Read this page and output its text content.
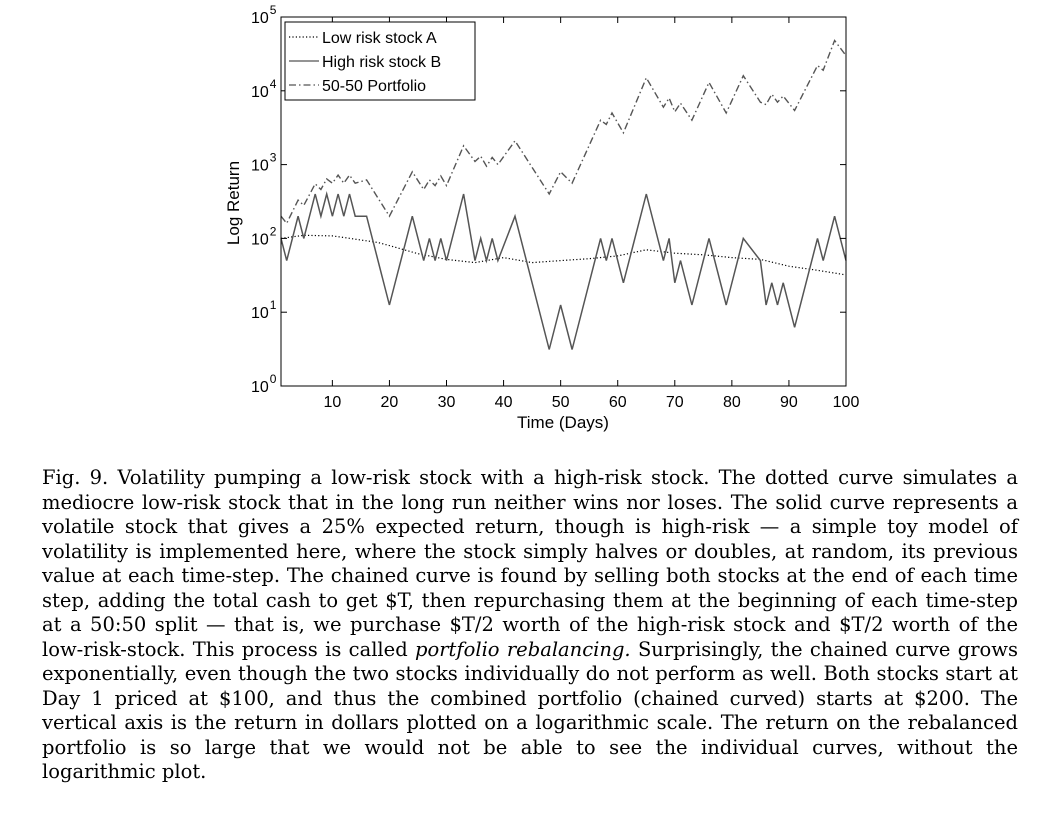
Log Return
Time (Days)
10 20 30 40 50 60 70 80 90 100
$10^0$
$10^1$
$10^2$
$10^3$
$10^4$
$10^5$
Low risk stock A
High risk stock B
50-50 Portfolio

Fig. 9. Volatility pumping a low-risk stock with a high-risk stock. The dotted curve simulates a mediocre low-risk stock that in the long run neither wins nor loses. The solid curve represents a volatile stock that gives a 25% expected return, though is high-risk — a simple toy model of volatility is implemented here, where the stock simply halves or doubles, at random, its previous value at each time-step. The chained curve is found by selling both stocks at the end of each time step, adding the total cash to get $T, then repurchasing them at the beginning of each time-step at a 50:50 split — that is, we purchase $T/2 worth of the high-risk stock and $T/2 worth of the low-risk-stock. This process is called portfolio rebalancing. Surprisingly, the chained curve grows exponentially, even though the two stocks individually do not perform as well. Both stocks start at Day 1 priced at $100, and thus the combined portfolio (chained curved) starts at $200. The vertical axis is the return in dollars plotted on a logarithmic scale. The return on the rebalanced portfolio is so large that we would not be able to see the individual curves, without the logarithmic plot.
